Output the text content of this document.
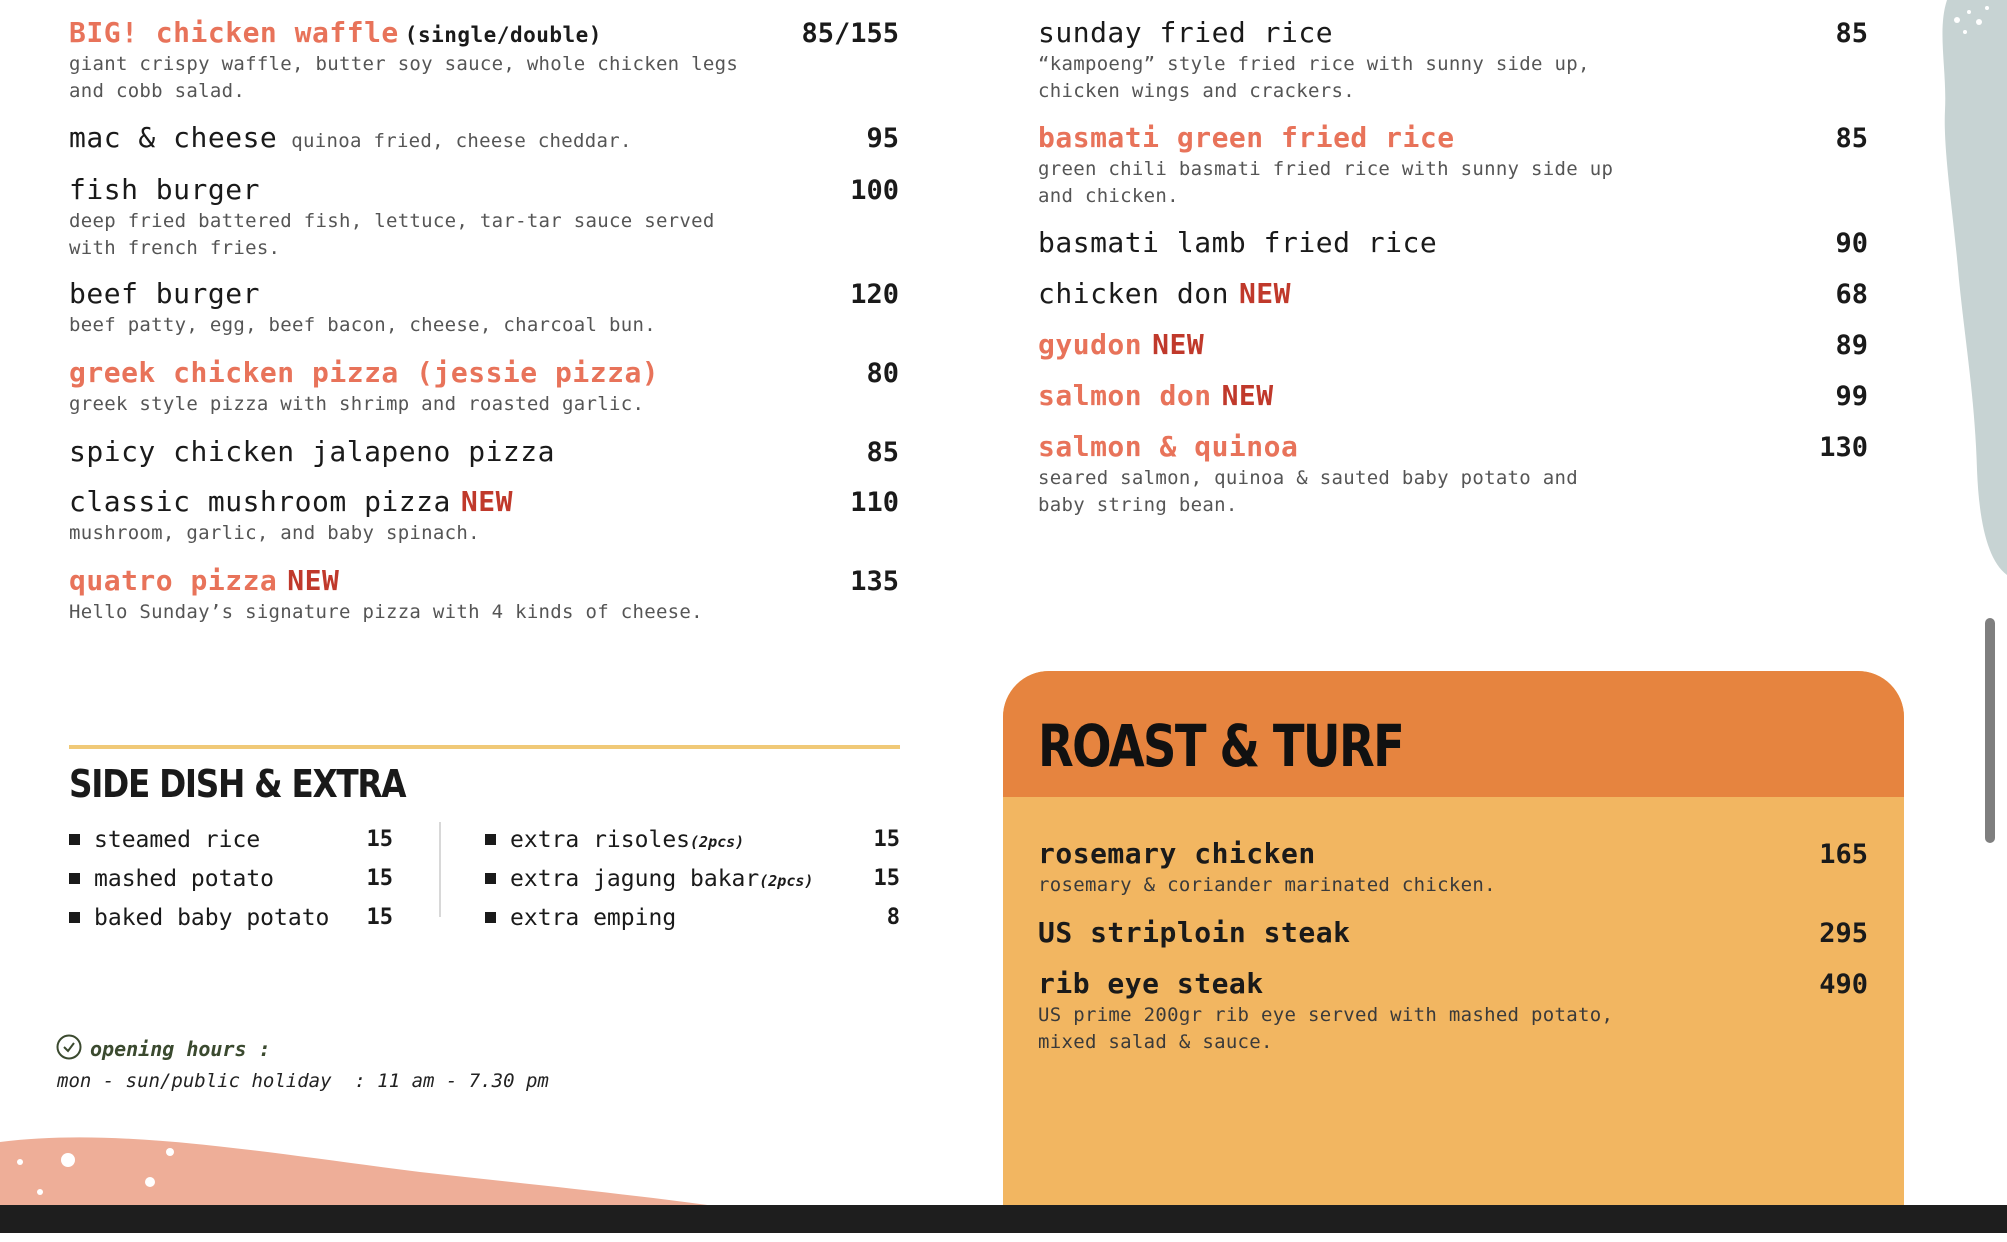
BIG! chicken waffle (single/double)	85/155
giant crispy waffle, butter soy sauce, whole chicken legs
and cobb salad.
mac & cheese quinoa fried, cheese cheddar.	95
fish burger	100
deep fried battered fish, lettuce, tar-tar sauce served
with french fries.
beef burger	120
beef patty, egg, beef bacon, cheese, charcoal bun.
greek chicken pizza (jessie pizza)	80
greek style pizza with shrimp and roasted garlic.
spicy chicken jalapeno pizza	85
classic mushroom pizza NEW	110
mushroom, garlic, and baby spinach.
quatro pizza NEW	135
Hello Sunday’s signature pizza with 4 kinds of cheese.
sunday fried rice	85
“kampoeng” style fried rice with sunny side up,
chicken wings and crackers.
basmati green fried rice	85
green chili basmati fried rice with sunny side up
and chicken.
basmati lamb fried rice	90
chicken don NEW	68
gyudon NEW	89
salmon don NEW	99
salmon & quinoa	130
seared salmon, quinoa & sauted baby potato and
baby string bean.
SIDE DISH & EXTRA
steamed rice	15
mashed potato	15
baked baby potato	15
extra risoles(2pcs)	15
extra jagung bakar(2pcs)	15
extra emping	8
opening hours :
mon - sun/public holiday  : 11 am - 7.30 pm
ROAST & TURF
rosemary chicken	165
rosemary & coriander marinated chicken.
US striploin steak	295
rib eye steak	490
US prime 200gr rib eye served with mashed potato,
mixed salad & sauce.
